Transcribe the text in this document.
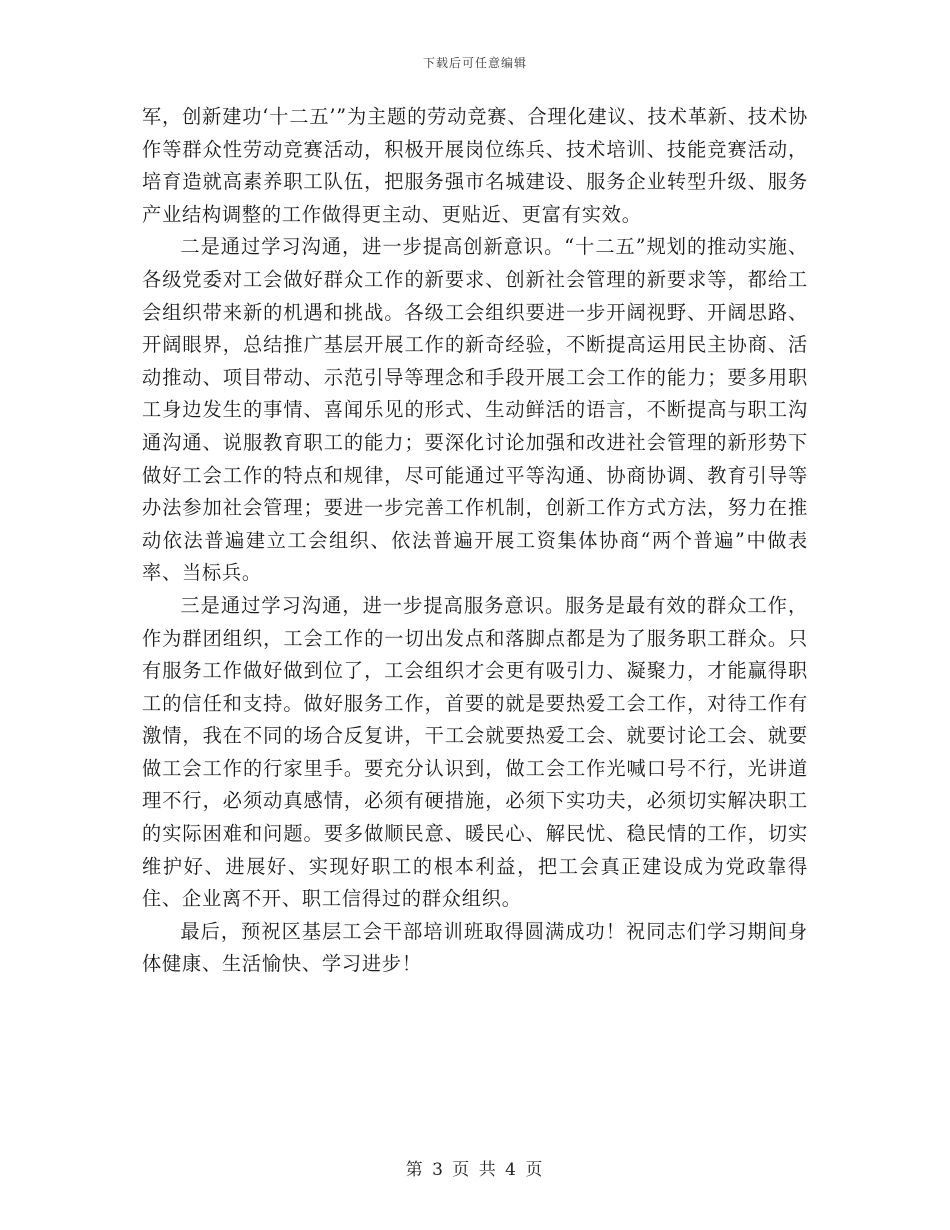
下载后可任意编辑

军，创新建功‘十二五’”为主题的劳动竞赛、合理化建议、技术革新、技术协作等群众性劳动竞赛活动，积极开展岗位练兵、技术培训、技能竞赛活动，培育造就高素养职工队伍，把服务强市名城建设、服务企业转型升级、服务产业结构调整的工作做得更主动、更贴近、更富有实效。

二是通过学习沟通，进一步提高创新意识。“十二五”规划的推动实施、各级党委对工会做好群众工作的新要求、创新社会管理的新要求等，都给工会组织带来新的机遇和挑战。各级工会组织要进一步开阔视野、开阔思路、开阔眼界，总结推广基层开展工作的新奇经验，不断提高运用民主协商、活动推动、项目带动、示范引导等理念和手段开展工会工作的能力；要多用职工身边发生的事情、喜闻乐见的形式、生动鲜活的语言，不断提高与职工沟通沟通、说服教育职工的能力；要深化讨论加强和改进社会管理的新形势下做好工会工作的特点和规律，尽可能通过平等沟通、协商协调、教育引导等办法参加社会管理；要进一步完善工作机制，创新工作方式方法，努力在推动依法普遍建立工会组织、依法普遍开展工资集体协商“两个普遍”中做表率、当标兵。

三是通过学习沟通，进一步提高服务意识。服务是最有效的群众工作，作为群团组织，工会工作的一切出发点和落脚点都是为了服务职工群众。只有服务工作做好做到位了，工会组织才会更有吸引力、凝聚力，才能赢得职工的信任和支持。做好服务工作，首要的就是要热爱工会工作，对待工作有激情，我在不同的场合反复讲，干工会就要热爱工会、就要讨论工会、就要做工会工作的行家里手。要充分认识到，做工会工作光喊口号不行，光讲道理不行，必须动真感情，必须有硬措施，必须下实功夫，必须切实解决职工的实际困难和问题。要多做顺民意、暖民心、解民忧、稳民情的工作，切实维护好、进展好、实现好职工的根本利益，把工会真正建设成为党政靠得住、企业离不开、职工信得过的群众组织。

最后，预祝区基层工会干部培训班取得圆满成功！祝同志们学习期间身体健康、生活愉快、学习进步！

第 3 页 共 4 页
